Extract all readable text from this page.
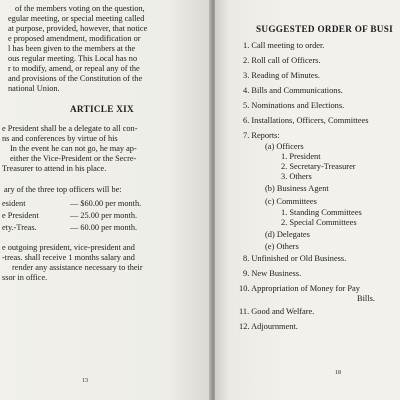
of the members voting on the question,
egular meeting, or special meeting called
at purpose, provided, however, that notice
e proposed amendment, modification or
l has been given to the members at the
ous regular meeting. This Local has no
r to modify, amend, or repeal any of the
and provisions of the Constitution of the
national Union.
ARTICLE XIX
e President shall be a delegate to all con-
ns and conferences by virtue of his
In the event he can not go, he may ap-
either the Vice-President or the Secre-
Treasurer to attend in his place.
ary of the three top officers will be:
esident	— $60.00 per month.
e President	— 25.00 per month.
ety.-Treas.	— 60.00 per month.
e outgoing president, vice-president and
-treas. shall receive 1 months salary and
render any assistance necessary to their
ssor in office.
13
SUGGESTED ORDER OF BUSI
1. Call meeting to order.
2. Roll call of Officers.
3. Reading of Minutes.
4. Bills and Communications.
5. Nominations and Elections.
6. Installations, Officers, Committees
7. Reports:
(a) Officers
1. President
2. Secretary-Treasurer
3. Others
(b) Business Agent
(c) Committees
1. Standing Committees
2. Special Committees
(d) Delegates
(e) Others
8. Unfinished or Old Business.
9. New Business.
10. Appropriation of Money for Pay
Bills.
11. Good and Welfare.
12. Adjournment.
18
